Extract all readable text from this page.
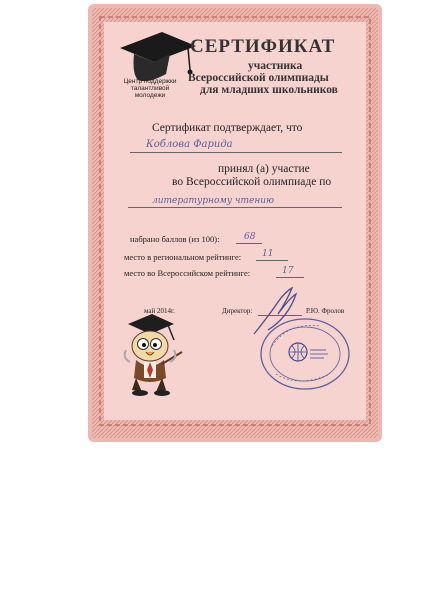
Центр поддержки талантливой молодежи
СЕРТИФИКАТ
участника
Всероссийской олимпиады
для младших школьников
Сертификат подтверждает, что
Коблова Фарида
принял (а) участие
во Всероссийской олимпиаде по
литературному чтению
набрано баллов (из 100):	68
место в региональном рейтинге: 11
место во Всероссийском рейтинге:	17
май 2014г.	Директор:	Р.Ю. Фролов
